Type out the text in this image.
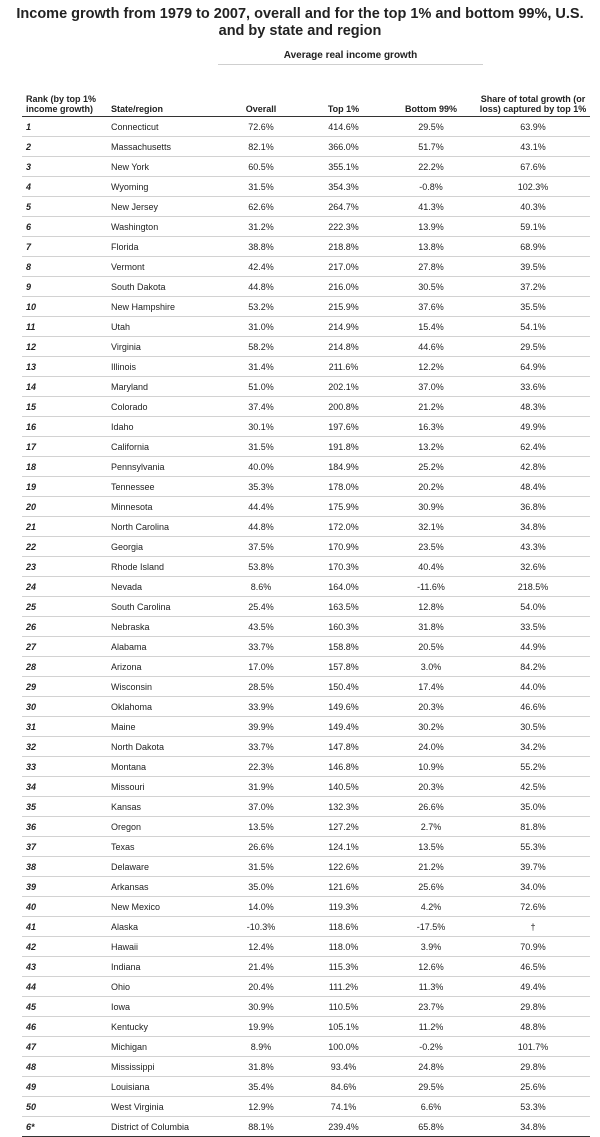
Income growth from 1979 to 2007, overall and for the top 1% and bottom 99%, U.S. and by state and region
Average real income growth
Rank (by top 1% income growth)	State/region	Overall	Top 1%	Bottom 99%	Share of total growth (or loss) captured by top 1%
1	Connecticut	72.6%	414.6%	29.5%	63.9%
2	Massachusetts	82.1%	366.0%	51.7%	43.1%
3	New York	60.5%	355.1%	22.2%	67.6%
4	Wyoming	31.5%	354.3%	-0.8%	102.3%
5	New Jersey	62.6%	264.7%	41.3%	40.3%
6	Washington	31.2%	222.3%	13.9%	59.1%
7	Florida	38.8%	218.8%	13.8%	68.9%
8	Vermont	42.4%	217.0%	27.8%	39.5%
9	South Dakota	44.8%	216.0%	30.5%	37.2%
10	New Hampshire	53.2%	215.9%	37.6%	35.5%
11	Utah	31.0%	214.9%	15.4%	54.1%
12	Virginia	58.2%	214.8%	44.6%	29.5%
13	Illinois	31.4%	211.6%	12.2%	64.9%
14	Maryland	51.0%	202.1%	37.0%	33.6%
15	Colorado	37.4%	200.8%	21.2%	48.3%
16	Idaho	30.1%	197.6%	16.3%	49.9%
17	California	31.5%	191.8%	13.2%	62.4%
18	Pennsylvania	40.0%	184.9%	25.2%	42.8%
19	Tennessee	35.3%	178.0%	20.2%	48.4%
20	Minnesota	44.4%	175.9%	30.9%	36.8%
21	North Carolina	44.8%	172.0%	32.1%	34.8%
22	Georgia	37.5%	170.9%	23.5%	43.3%
23	Rhode Island	53.8%	170.3%	40.4%	32.6%
24	Nevada	8.6%	164.0%	-11.6%	218.5%
25	South Carolina	25.4%	163.5%	12.8%	54.0%
26	Nebraska	43.5%	160.3%	31.8%	33.5%
27	Alabama	33.7%	158.8%	20.5%	44.9%
28	Arizona	17.0%	157.8%	3.0%	84.2%
29	Wisconsin	28.5%	150.4%	17.4%	44.0%
30	Oklahoma	33.9%	149.6%	20.3%	46.6%
31	Maine	39.9%	149.4%	30.2%	30.5%
32	North Dakota	33.7%	147.8%	24.0%	34.2%
33	Montana	22.3%	146.8%	10.9%	55.2%
34	Missouri	31.9%	140.5%	20.3%	42.5%
35	Kansas	37.0%	132.3%	26.6%	35.0%
36	Oregon	13.5%	127.2%	2.7%	81.8%
37	Texas	26.6%	124.1%	13.5%	55.3%
38	Delaware	31.5%	122.6%	21.2%	39.7%
39	Arkansas	35.0%	121.6%	25.6%	34.0%
40	New Mexico	14.0%	119.3%	4.2%	72.6%
41	Alaska	-10.3%	118.6%	-17.5%	†
42	Hawaii	12.4%	118.0%	3.9%	70.9%
43	Indiana	21.4%	115.3%	12.6%	46.5%
44	Ohio	20.4%	111.2%	11.3%	49.4%
45	Iowa	30.9%	110.5%	23.7%	29.8%
46	Kentucky	19.9%	105.1%	11.2%	48.8%
47	Michigan	8.9%	100.0%	-0.2%	101.7%
48	Mississippi	31.8%	93.4%	24.8%	29.8%
49	Louisiana	35.4%	84.6%	29.5%	25.6%
50	West Virginia	12.9%	74.1%	6.6%	53.3%
6*	District of Columbia	88.1%	239.4%	65.8%	34.8%
